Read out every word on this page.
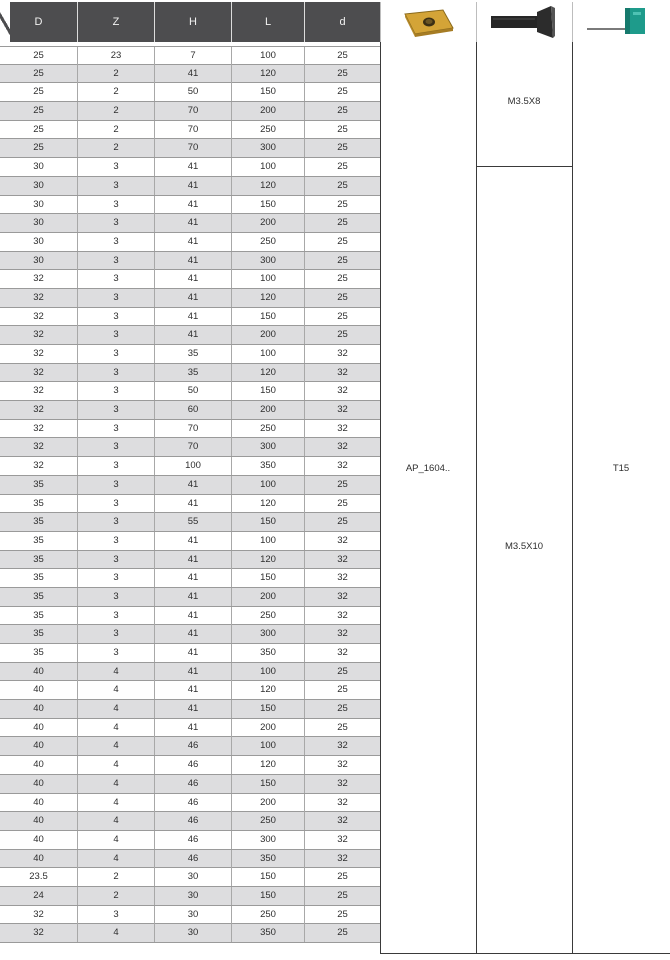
D	Z	H	L	d
25	23	7	100	25
25	2	41	120	25
25	2	50	150	25
25	2	70	200	25
25	2	70	250	25
25	2	70	300	25
30	3	41	100	25
30	3	41	120	25
30	3	41	150	25
30	3	41	200	25
30	3	41	250	25
30	3	41	300	25
32	3	41	100	25
32	3	41	120	25
32	3	41	150	25
32	3	41	200	25
32	3	35	100	32
32	3	35	120	32
32	3	50	150	32
32	3	60	200	32
32	3	70	250	32
32	3	70	300	32
32	3	100	350	32
35	3	41	100	25
35	3	41	120	25
35	3	55	150	25
35	3	41	100	32
35	3	41	120	32
35	3	41	150	32
35	3	41	200	32
35	3	41	250	32
35	3	41	300	32
35	3	41	350	32
40	4	41	100	25
40	4	41	120	25
40	4	41	150	25
40	4	41	200	25
40	4	46	100	32
40	4	46	120	32
40	4	46	150	32
40	4	46	200	32
40	4	46	250	32
40	4	46	300	32
40	4	46	350	32
23.5	2	30	150	25
24	2	30	150	25
32	3	30	250	25
32	4	30	350	25
AP_1604..
M3.5X8
M3.5X10
T15
